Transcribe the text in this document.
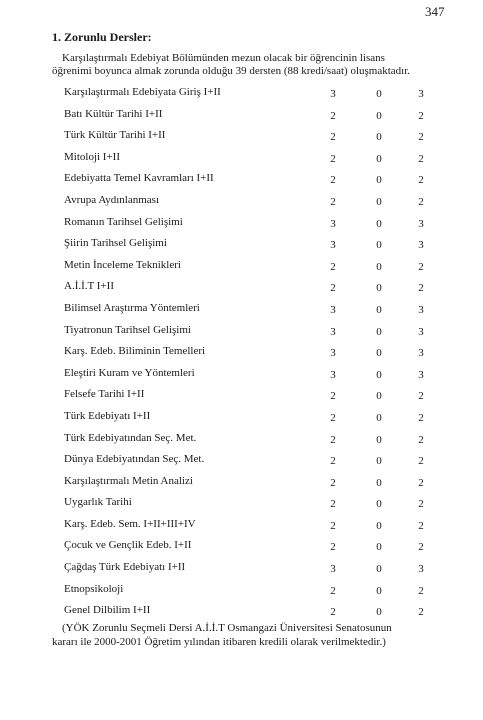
347
1. Zorunlu Dersler:
Karşılaştırmalı Edebiyat Bölümünden mezun olacak bir öğrencinin lisans
öğrenimi boyunca almak zorunda olduğu 39 dersten (88 kredi/saat) oluşmaktadır.
Karşılaştırmalı Edebiyata Giriş I+II	3	0	3
Batı Kültür Tarihi I+II	2	0	2
Türk Kültür Tarihi I+II	2	0	2
Mitoloji I+II	2	0	2
Edebiyatta Temel Kavramları I+II	2	0	2
Avrupa Aydınlanması	2	0	2
Romanın Tarihsel Gelişimi	3	0	3
Şiirin Tarihsel Gelişimi	3	0	3
Metin İnceleme Teknikleri	2	0	2
A.İ.İ.T I+II	2	0	2
Bilimsel Araştırma Yöntemleri	3	0	3
Tiyatronun Tarihsel Gelişimi	3	0	3
Karş. Edeb. Biliminin Temelleri	3	0	3
Eleştiri Kuram ve Yöntemleri	3	0	3
Felsefe Tarihi I+II	2	0	2
Türk Edebiyatı I+II	2	0	2
Türk Edebiyatından Seç. Met.	2	0	2
Dünya Edebiyatından Seç. Met.	2	0	2
Karşılaştırmalı Metin Analizi	2	0	2
Uygarlık Tarihi	2	0	2
Karş. Edeb. Sem. I+II+III+IV	2	0	2
Çocuk ve Gençlik Edeb. I+II	2	0	2
Çağdaş Türk Edebiyatı I+II	3	0	3
Etnopsikoloji	2	0	2
Genel Dilbilim I+II	2	0	2
(YÖK Zorunlu Seçmeli Dersi A.İ.İ.T Osmangazi Üniversitesi Senatosunun
kararı ile 2000-2001 Öğretim yılından itibaren kredili olarak verilmektedir.)
